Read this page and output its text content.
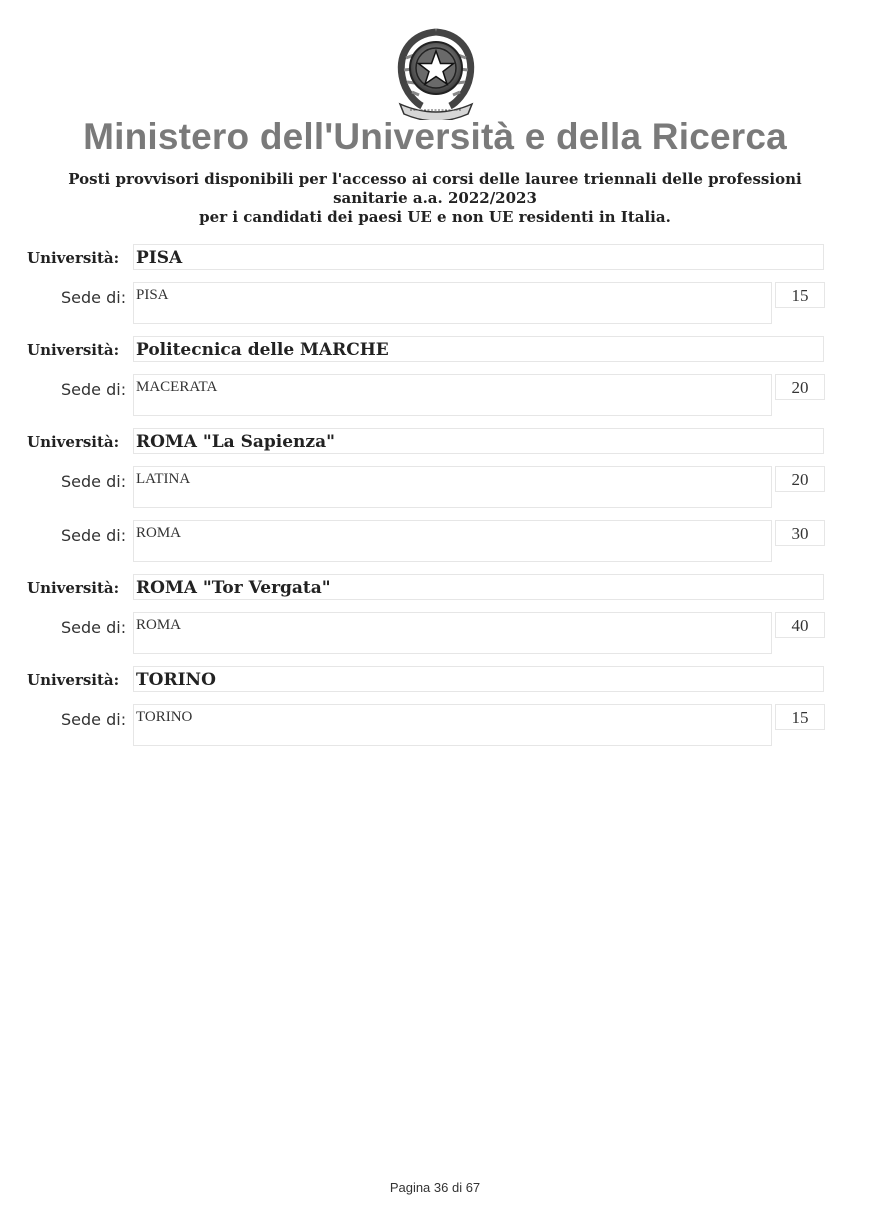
Ministero dell'Università e della Ricerca
Posti provvisori disponibili per l'accesso ai corsi delle lauree triennali delle professioni
sanitarie a.a. 2022/2023
per i candidati dei paesi UE e non UE residenti in Italia.
Università: PISA
Sede di: PISA	15
Università: Politecnica delle MARCHE
Sede di: MACERATA	20
Università: ROMA "La Sapienza"
Sede di: LATINA	20
Sede di: ROMA	30
Università: ROMA "Tor Vergata"
Sede di: ROMA	40
Università: TORINO
Sede di: TORINO	15
Pagina 36 di 67
